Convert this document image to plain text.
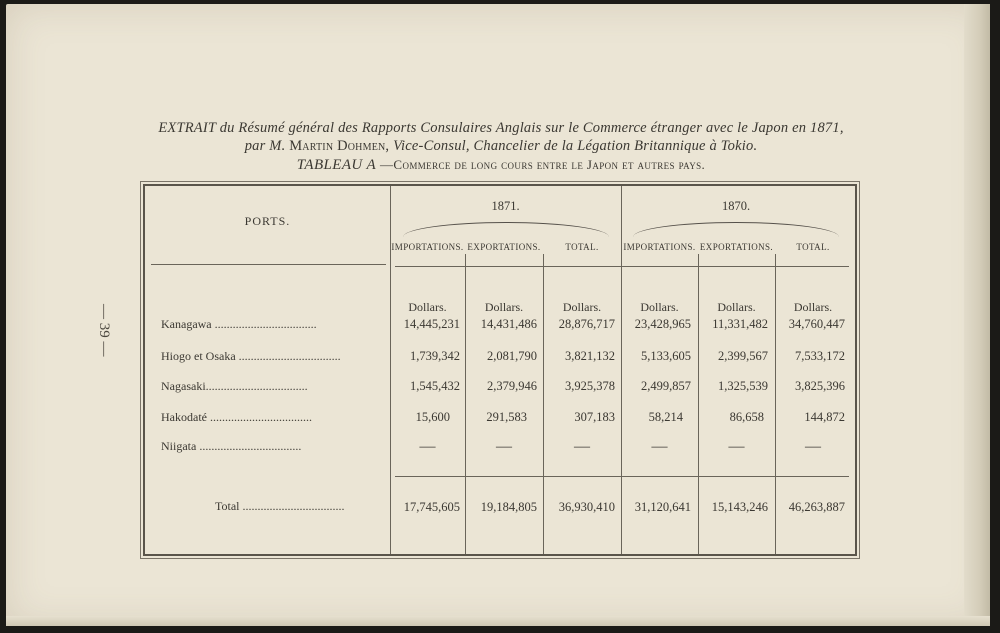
EXTRAIT du Résumé général des Rapports Consulaires Anglais sur le Commerce étranger avec le Japon en 1871,
par M. Martin Dohmen, Vice-Consul, Chancelier de la Légation Britannique à Tokio.
TABLEAU A —Commerce de long cours entre le Japon et autres pays.
— 39 —
PORTS.
1871.	1870.
IMPORTATIONS. EXPORTATIONS.	TOTAL.	IMPORTATIONS. EXPORTATIONS.	TOTAL.
Dollars.	Dollars.	Dollars.	Dollars.	Dollars.	Dollars.
Kanagawa ..................................	14,445,231	14,431,486	28,876,717	23,428,965	11,331,482	34,760,447
Hiogo et Osaka ..................................	1,739,342	2,081,790	3,821,132	5,133,605	2,399,567	7,533,172
Nagasaki..................................	1,545,432	2,379,946	3,925,378	2,499,857	1,325,539	3,825,396
Hakodaté ..................................	15,600	291,583	307,183	58,214	86,658	144,872
Niigata ..................................	—	—	—	—	—	—
Total ..................................	17,745,605	19,184,805	36,930,410	31,120,641	15,143,246	46,263,887
